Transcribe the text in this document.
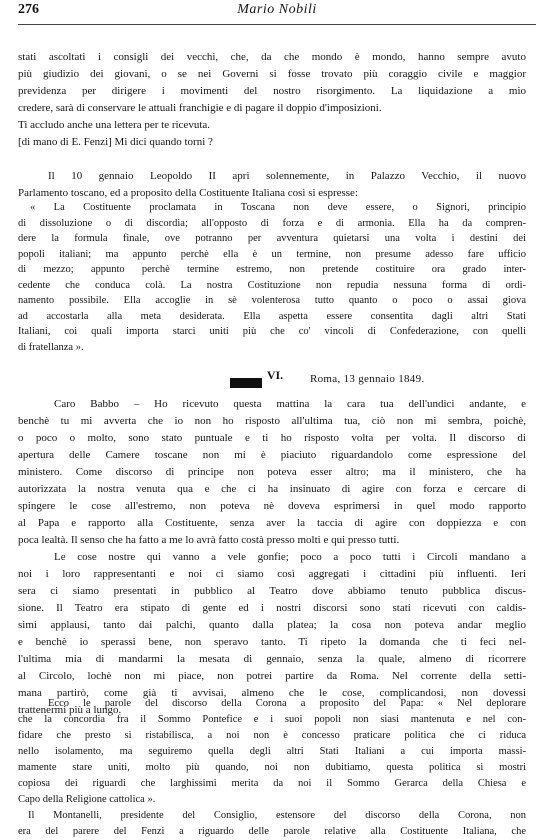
276	Mario Nobili
stati ascoltati i consigli dei vecchi, che, da che mondo è mondo, hanno sempre avuto
più giudizio dei giovani, o se nei Governi si fosse trovato più coraggio civile e maggior
previdenza per dirigere i movimenti del nostro risorgimento. La liquidazione a mio
credere, sarà di conservare le attuali franchigie e di pagare il doppio d'imposizioni.
Ti accludo anche una lettera per te ricevuta.
[di mano di E. Fenzi] Mi dici quando torni ?
Il 10 gennaio Leopoldo II aprì solennemente, in Palazzo Vecchio, il nuovo
Parlamento toscano, ed a proposito della Costituente Italiana così si espresse:
« La Costituente proclamata in Toscana non deve essere, o Signori, principio
di dissoluzione o di discordia; all'opposto di forza e di armonia. Ella ha da compren-
dere la formula finale, ove potranno per avventura quietarsi una volta i destini dei
popoli italiani; ma appunto perchè ella è un termine, non presume adesso fare ufficio
di mezzo; appunto perchè termine estremo, non pretende costituire ora grado inter-
cedente che conduca colà. La nostra Costituzione non repudia nessuna forma di ordi-
namento possibile. Ella accoglie in sè volenterosa tutto quanto o poco o assai giova
ad accostarla alla meta desiderata. Ella aspetta essere consentita dagli altri Stati
Italiani, coi quali importa starci uniti più che co' vincoli di Confederazione, con quelli
di fratellanza ».
VI.	Roma, 13 gennaio 1849.
Caro Babbo – Ho ricevuto questa mattina la cara tua dell'undici andante, e
benchè tu mi avverta che io non ho risposto all'ultima tua, ciò non mi sembra, poichè,
o poco o molto, sono stato puntuale e ti ho risposto volta per volta. Il discorso di
apertura delle Camere toscane non mi è piaciuto riguardandolo come espressione del
ministero. Come discorso di principe non poteva esser altro; ma il ministero, che ha
autorizzata la nostra venuta qua e che ci ha insinuato di agire con forza e cercare di
spingere le cose all'estremo, non poteva nè doveva esprimersi in quel modo rapporto
al Papa e rapporto alla Costituente, senza aver la taccia di agire con doppiezza e con
poca lealtà. Il senso che ha fatto a me lo avrà fatto costà presso molti e qui presso tutti.
Le cose nostre qui vanno a vele gonfie; poco a poco tutti i Circoli mandano a
noi i loro rappresentanti e noi ci siamo così aggregati i cittadini più influenti. Ieri
sera ci siamo presentati in pubblico al Teatro dove abbiamo tenuto pubblica discus-
sione. Il Teatro era stipato di gente ed i nostri discorsi sono stati ricevuti con caldis-
simi applausi, tanto dai palchi, quanto dalla platea; la cosa non poteva andar meglio
e benchè io sperassi bene, non speravo tanto. Ti ripeto la domanda che ti feci nel-
l'ultima mia di mandarmi la mesata di gennaio, senza la quale, almeno di ricorrere
al Circolo, lochè non mi piace, non potrei partire da Roma. Nel corrente della setti-
mana partirò, come già ti avvisai, almeno che le cose, complicandosi, non dovessi
trattenermi più a lungo.
Ecco le parole del discorso della Corona a proposito del Papa: « Nel deplorare
che la concordia fra il Sommo Pontefice e i suoi popoli non siasi mantenuta e nel con-
fidare che presto si ristabilisca, a noi non è concesso praticare politica che ci riduca
nello isolamento, ma seguiremo quella degli altri Stati Italiani a cui importa massi-
mamente stare uniti, molto più quando, noi non dubitiamo, questa politica si mostri
copiosa dei riguardi che larghissimi merita da noi il Sommo Gerarca della Chiesa e
Capo della Religione cattolica ».
Il Montanelli, presidente del Consiglio, estensore del discorso della Corona, non
era del parere del Fenzi a riguardo delle parole relative alla Costituente Italiana, che
